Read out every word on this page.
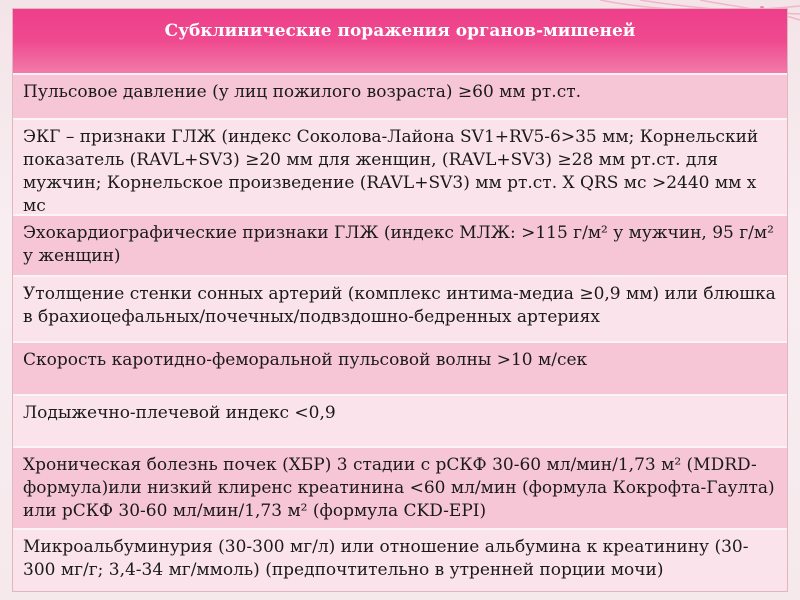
Субклинические поражения органов-мишеней
Пульсовое давление (у лиц пожилого возраста) ≥60 мм рт.ст.
ЭКГ – признаки ГЛЖ (индекс Соколова-Лайона SV1+RV5-6>35 мм; Корнельский показатель (RAVL+SV3) ≥20 мм для женщин, (RAVL+SV3) ≥28 мм рт.ст. для мужчин; Корнельское произведение (RAVL+SV3) мм рт.ст. Х QRS мс >2440 мм х мс
Эхокардиографические признаки ГЛЖ (индекс МЛЖ: >115 г/м² у мужчин, 95 г/м² у женщин)
Утолщение стенки сонных артерий (комплекс интима-медиа ≥0,9 мм) или блюшка в брахиоцефальных/почечных/подвздошно-бедренных артериях
Скорость каротидно-феморальной пульсовой волны >10 м/сек
Лодыжечно-плечевой индекс <0,9
Хроническая болезнь почек (ХБР) 3 стадии с рСКФ 30-60 мл/мин/1,73 м² (MDRD-формула)или низкий клиренс креатинина <60 мл/мин (формула Кокрофта-Гаулта) или рСКФ 30-60 мл/мин/1,73 м² (формула CKD-EPI)
Микроальбуминурия (30-300 мг/л) или отношение альбумина к креатинину (30-300 мг/г; 3,4-34 мг/ммоль) (предпочтительно в утренней порции мочи)
